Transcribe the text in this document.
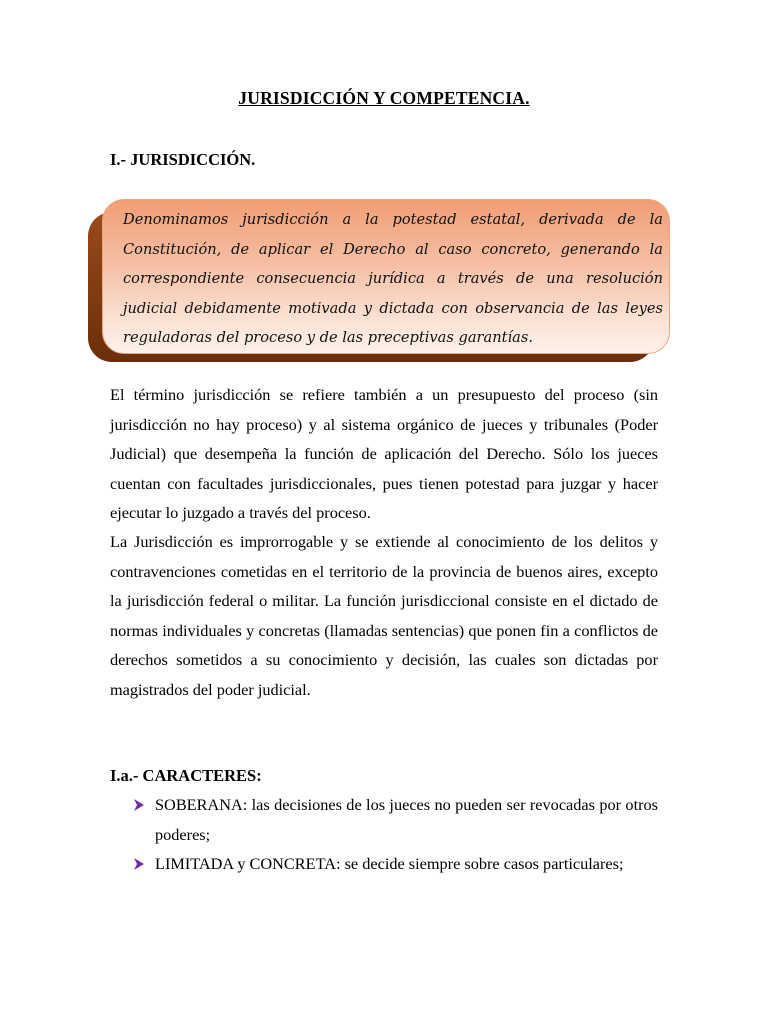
JURISDICCIÓN Y COMPETENCIA.
I.- JURISDICCIÓN.
Denominamos jurisdicción a la potestad estatal, derivada de la Constitución, de aplicar el Derecho al caso concreto, generando la correspondiente consecuencia jurídica a través de una resolución judicial debidamente motivada y dictada con observancia de las leyes reguladoras del proceso y de las preceptivas garantías.
El término jurisdicción se refiere también a un presupuesto del proceso (sin jurisdicción no hay proceso) y al sistema orgánico de jueces y tribunales (Poder Judicial) que desempeña la función de aplicación del Derecho. Sólo los jueces cuentan con facultades jurisdiccionales, pues tienen potestad para juzgar y hacer ejecutar lo juzgado a través del proceso.
La Jurisdicción es improrrogable y se extiende al conocimiento de los delitos y contravenciones cometidas en el territorio de la provincia de buenos aires, excepto la jurisdicción federal o militar. La función jurisdiccional consiste en el dictado de normas individuales y concretas (llamadas sentencias) que ponen fin a conflictos de derechos sometidos a su conocimiento y decisión, las cuales son dictadas por magistrados del poder judicial.
I.a.- CARACTERES:
SOBERANA: las decisiones de los jueces no pueden ser revocadas por otros poderes;
LIMITADA y CONCRETA: se decide siempre sobre casos particulares;
